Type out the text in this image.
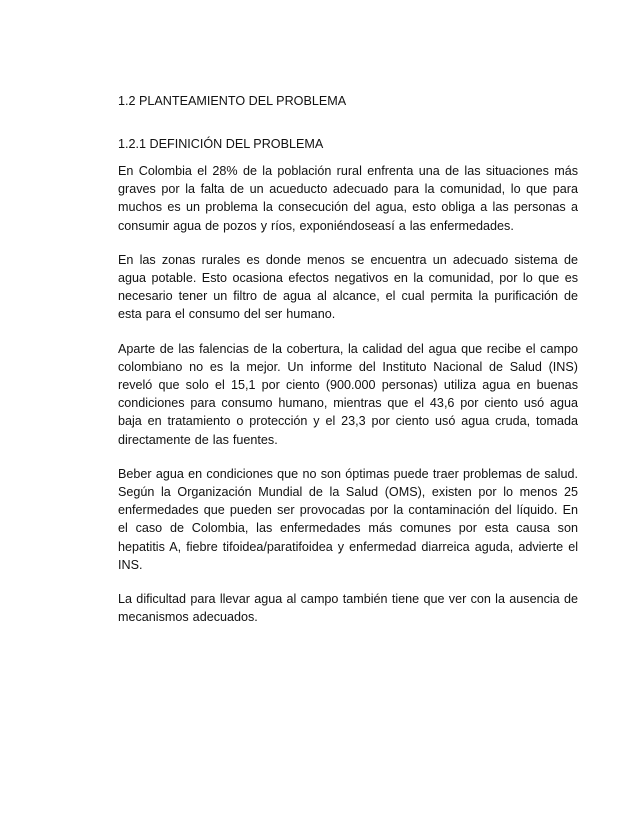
1.2 PLANTEAMIENTO DEL PROBLEMA
1.2.1 DEFINICIÓN DEL PROBLEMA

En Colombia el 28% de la población rural enfrenta una de las situaciones más graves por la falta de un acueducto adecuado para la comunidad, lo que para muchos es un problema la consecución del agua, esto obliga a las personas a consumir agua de pozos y ríos, exponiéndoseasí a las enfermedades.

En las zonas rurales es donde menos se encuentra un adecuado sistema de agua potable. Esto ocasiona efectos negativos en la comunidad, por lo que es necesario tener un filtro de agua al alcance, el cual permita la purificación de esta para el consumo del ser humano.

Aparte de las falencias de la cobertura, la calidad del agua que recibe el campo colombiano no es la mejor. Un informe del Instituto Nacional de Salud (INS) reveló que solo el 15,1 por ciento (900.000 personas) utiliza agua en buenas condiciones para consumo humano, mientras que el 43,6 por ciento usó agua baja en tratamiento o protección y el 23,3 por ciento usó agua cruda, tomada directamente de las fuentes.

Beber agua en condiciones que no son óptimas puede traer problemas de salud. Según la Organización Mundial de la Salud (OMS), existen por lo menos 25 enfermedades que pueden ser provocadas por la contaminación del líquido. En el caso de Colombia, las enfermedades más comunes por esta causa son hepatitis A, fiebre tifoidea/paratifoidea y enfermedad diarreica aguda, advierte el INS.

La dificultad para llevar agua al campo también tiene que ver con la ausencia de mecanismos adecuados.
